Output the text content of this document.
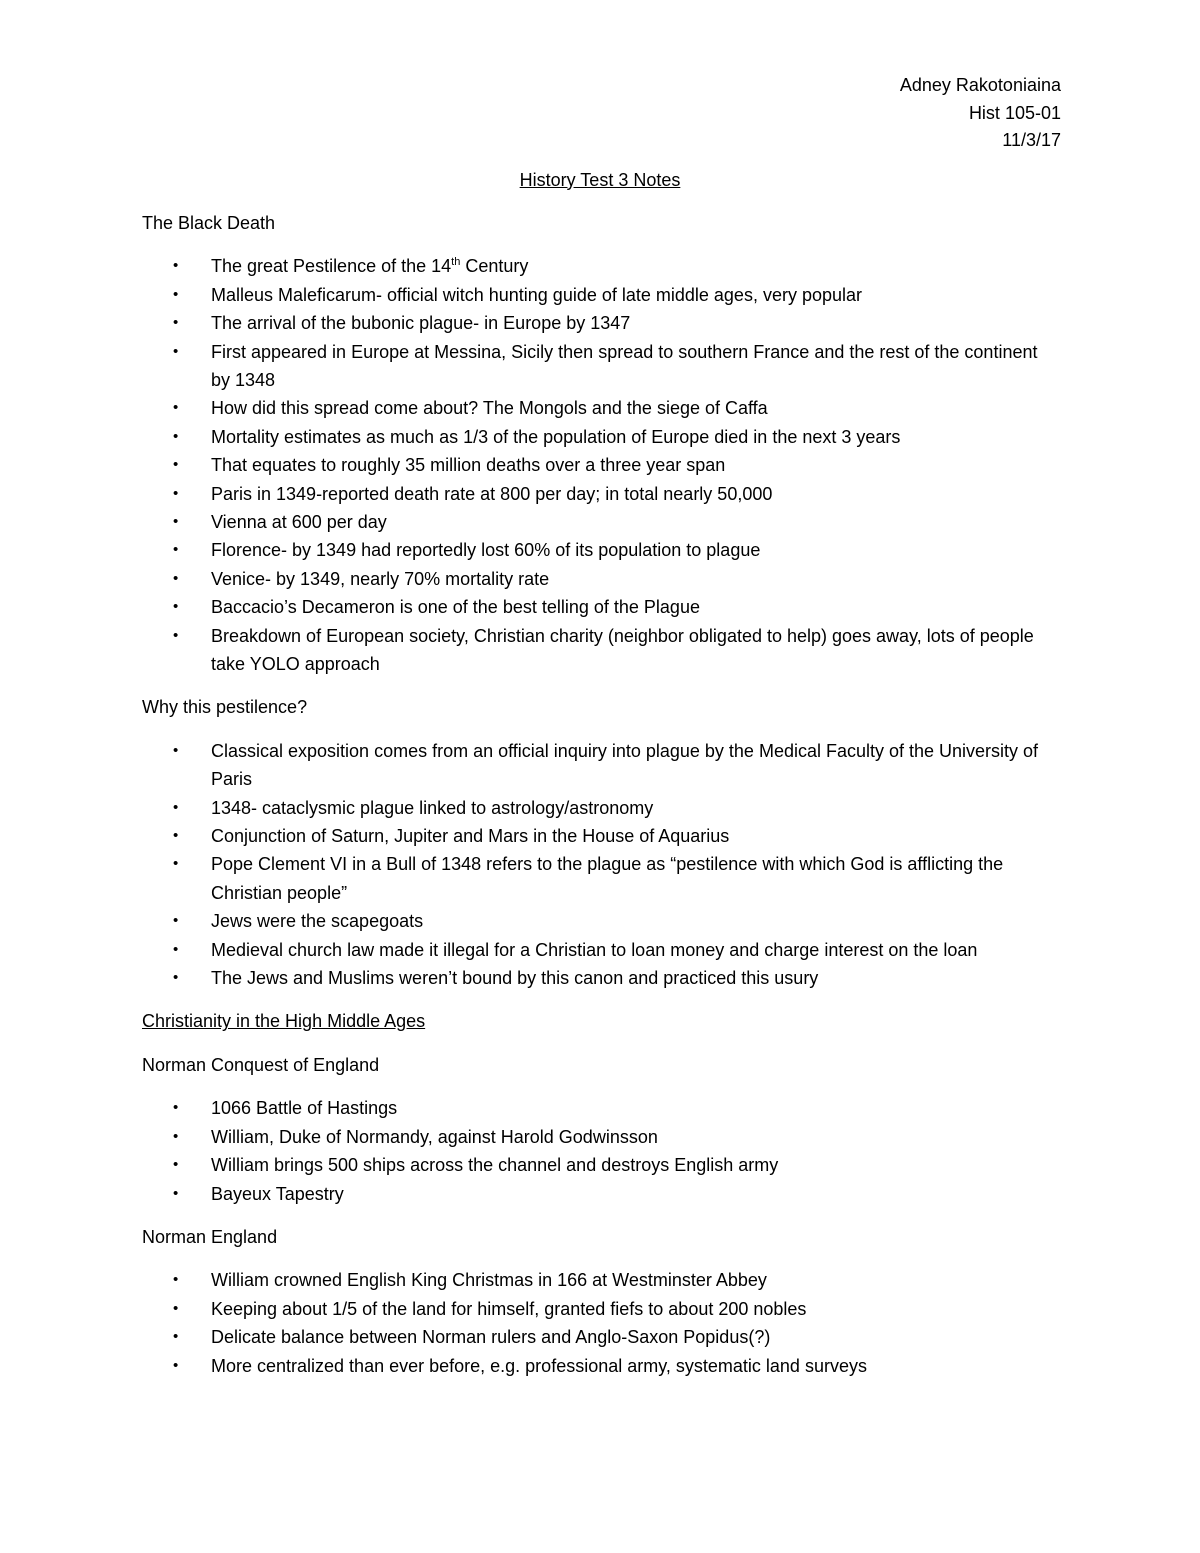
Adney Rakotoniaina
Hist 105-01
11/3/17
History Test 3 Notes
The Black Death
• The great Pestilence of the 14th Century
• Malleus Maleficarum- official witch hunting guide of late middle ages, very popular
• The arrival of the bubonic plague- in Europe by 1347
• First appeared in Europe at Messina, Sicily then spread to southern France and the rest of the continent by 1348
• How did this spread come about? The Mongols and the siege of Caffa
• Mortality estimates as much as 1/3 of the population of Europe died in the next 3 years
• That equates to roughly 35 million deaths over a three year span
• Paris in 1349-reported death rate at 800 per day; in total nearly 50,000
• Vienna at 600 per day
• Florence- by 1349 had reportedly lost 60% of its population to plague
• Venice- by 1349, nearly 70% mortality rate
• Baccacio’s Decameron is one of the best telling of the Plague
• Breakdown of European society, Christian charity (neighbor obligated to help) goes away, lots of people take YOLO approach
Why this pestilence?
• Classical exposition comes from an official inquiry into plague by the Medical Faculty of the University of Paris
• 1348- cataclysmic plague linked to astrology/astronomy
• Conjunction of Saturn, Jupiter and Mars in the House of Aquarius
• Pope Clement VI in a Bull of 1348 refers to the plague as “pestilence with which God is afflicting the Christian people”
• Jews were the scapegoats
• Medieval church law made it illegal for a Christian to loan money and charge interest on the loan
• The Jews and Muslims weren’t bound by this canon and practiced this usury
Christianity in the High Middle Ages
Norman Conquest of England
• 1066 Battle of Hastings
• William, Duke of Normandy, against Harold Godwinsson
• William brings 500 ships across the channel and destroys English army
• Bayeux Tapestry
Norman England
• William crowned English King Christmas in 166 at Westminster Abbey
• Keeping about 1/5 of the land for himself, granted fiefs to about 200 nobles
• Delicate balance between Norman rulers and Anglo-Saxon Popidus(?)
• More centralized than ever before, e.g. professional army, systematic land surveys
